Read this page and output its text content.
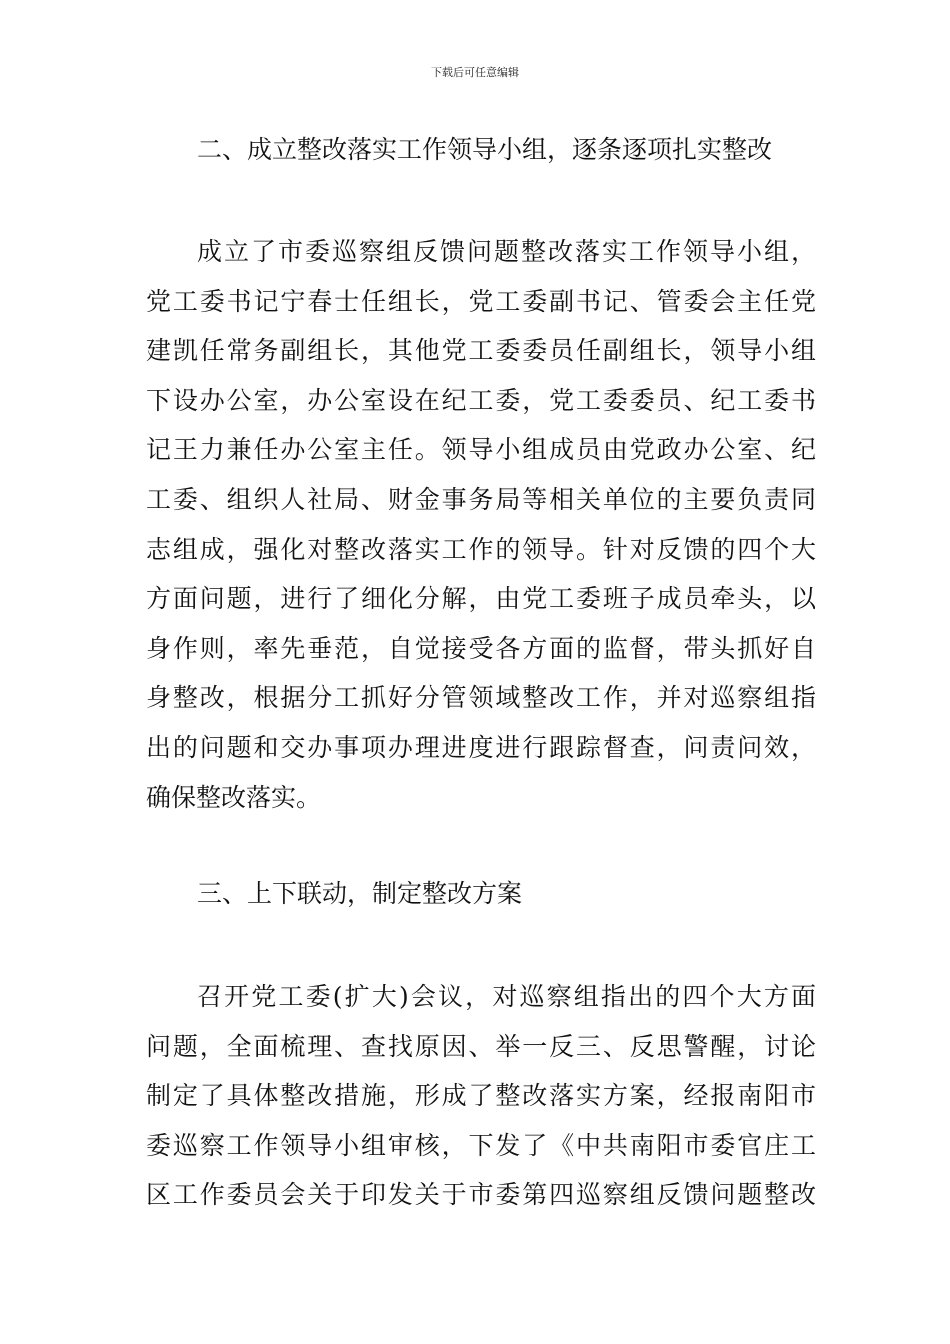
下载后可任意编辑
二、成立整改落实工作领导小组，逐条逐项扎实整改
成立了市委巡察组反馈问题整改落实工作领导小组，
党工委书记宁春士任组长，党工委副书记、管委会主任党
建凯任常务副组长，其他党工委委员任副组长，领导小组
下设办公室，办公室设在纪工委，党工委委员、纪工委书
记王力兼任办公室主任。领导小组成员由党政办公室、纪
工委、组织人社局、财金事务局等相关单位的主要负责同
志组成，强化对整改落实工作的领导。针对反馈的四个大
方面问题，进行了细化分解，由党工委班子成员牵头，以
身作则，率先垂范，自觉接受各方面的监督，带头抓好自
身整改，根据分工抓好分管领域整改工作，并对巡察组指
出的问题和交办事项办理进度进行跟踪督查，问责问效，
确保整改落实。
三、上下联动，制定整改方案
召开党工委(扩大)会议，对巡察组指出的四个大方面
问题，全面梳理、查找原因、举一反三、反思警醒，讨论
制定了具体整改措施，形成了整改落实方案，经报南阳市
委巡察工作领导小组审核，下发了《中共南阳市委官庄工
区工作委员会关于印发关于市委第四巡察组反馈问题整改
